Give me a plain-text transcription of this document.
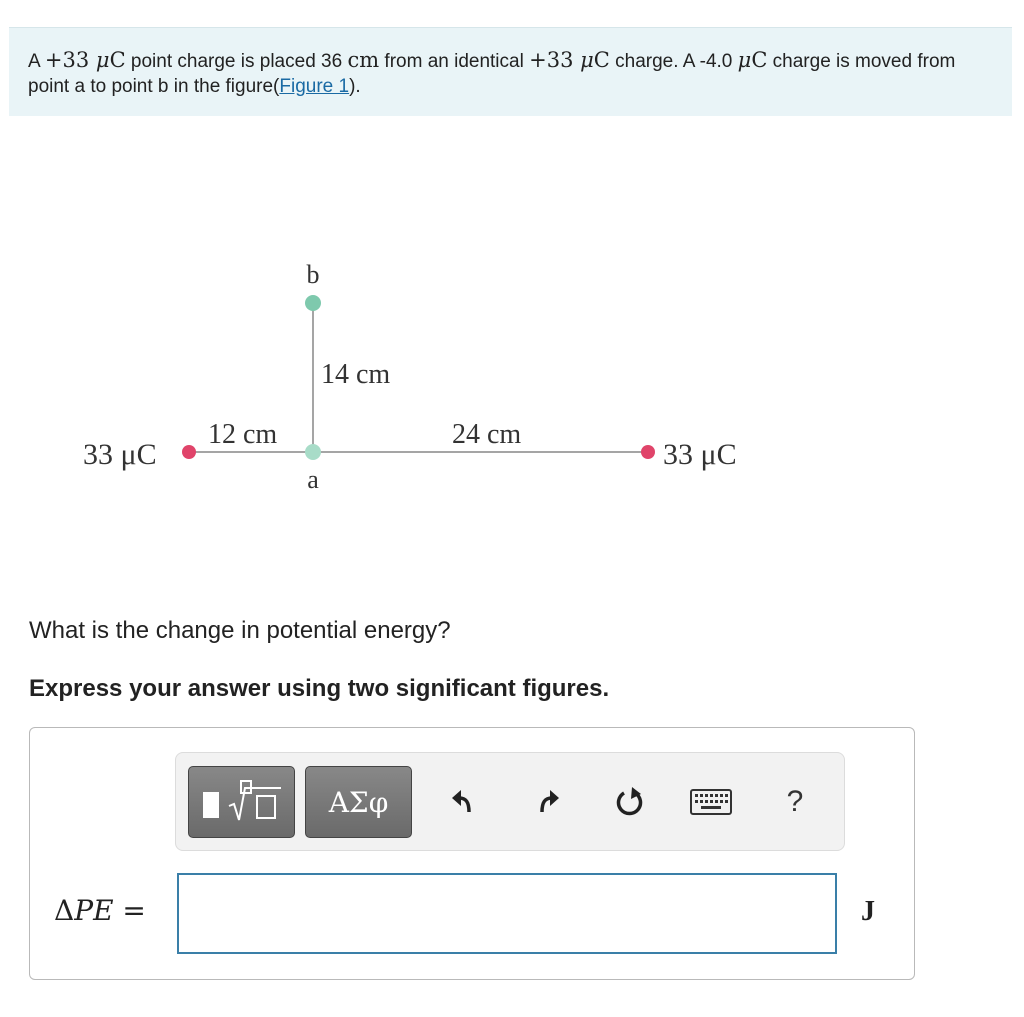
A +33 μC point charge is placed 36 cm from an identical +33 μC charge. A -4.0 μC charge is moved from point a to point b in the figure(Figure 1).
b
a
14 cm
12 cm	24 cm
33 μC	33 μC

What is the change in potential energy?

Express your answer using two significant figures.

ΑΣφ	?
ΔPE =	J
